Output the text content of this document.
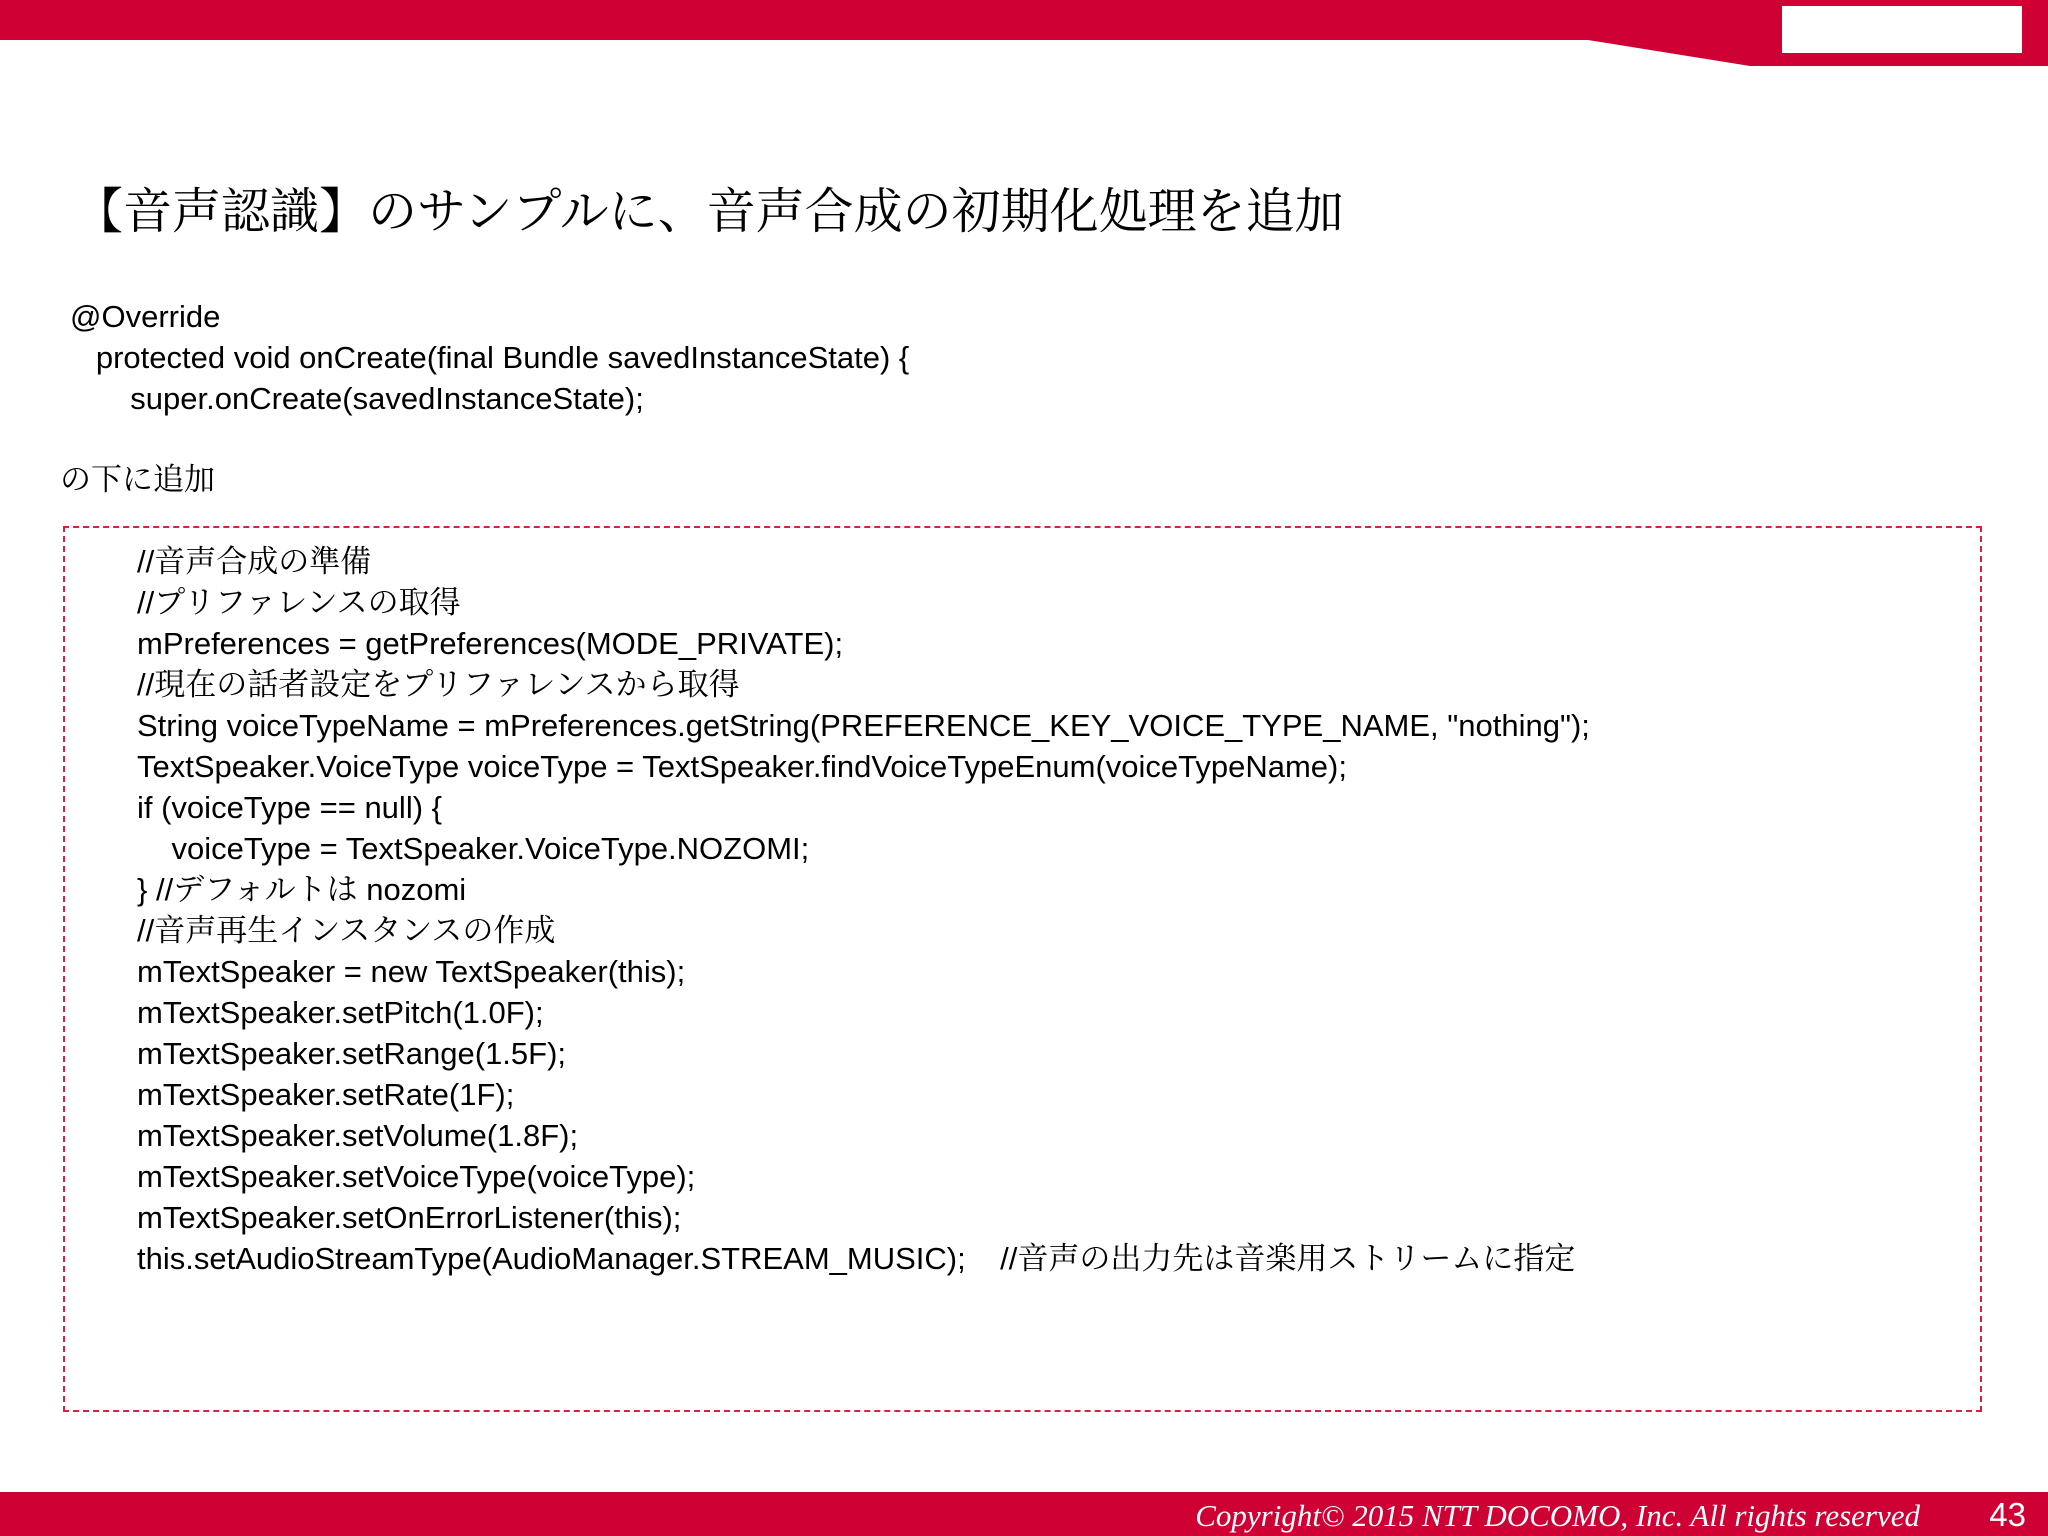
【音声認識】のサンプルに、音声合成の初期化処理を追加
@Override
protected void onCreate(final Bundle savedInstanceState) {
super.onCreate(savedInstanceState);
の下に追加
//音声合成の準備
//プリファレンスの取得
mPreferences = getPreferences(MODE_PRIVATE);
//現在の話者設定をプリファレンスから取得
String voiceTypeName = mPreferences.getString(PREFERENCE_KEY_VOICE_TYPE_NAME, "nothing");
TextSpeaker.VoiceType voiceType = TextSpeaker.findVoiceTypeEnum(voiceTypeName);
if (voiceType == null) {
voiceType = TextSpeaker.VoiceType.NOZOMI;
} //デフォルトは nozomi
//音声再生インスタンスの作成
mTextSpeaker = new TextSpeaker(this);
mTextSpeaker.setPitch(1.0F);
mTextSpeaker.setRange(1.5F);
mTextSpeaker.setRate(1F);
mTextSpeaker.setVolume(1.8F);
mTextSpeaker.setVoiceType(voiceType);
mTextSpeaker.setOnErrorListener(this);
this.setAudioStreamType(AudioManager.STREAM_MUSIC);    //音声の出力先は音楽用ストリームに指定
Copyright© 2015 NTT DOCOMO, Inc. All rights reserved 43
